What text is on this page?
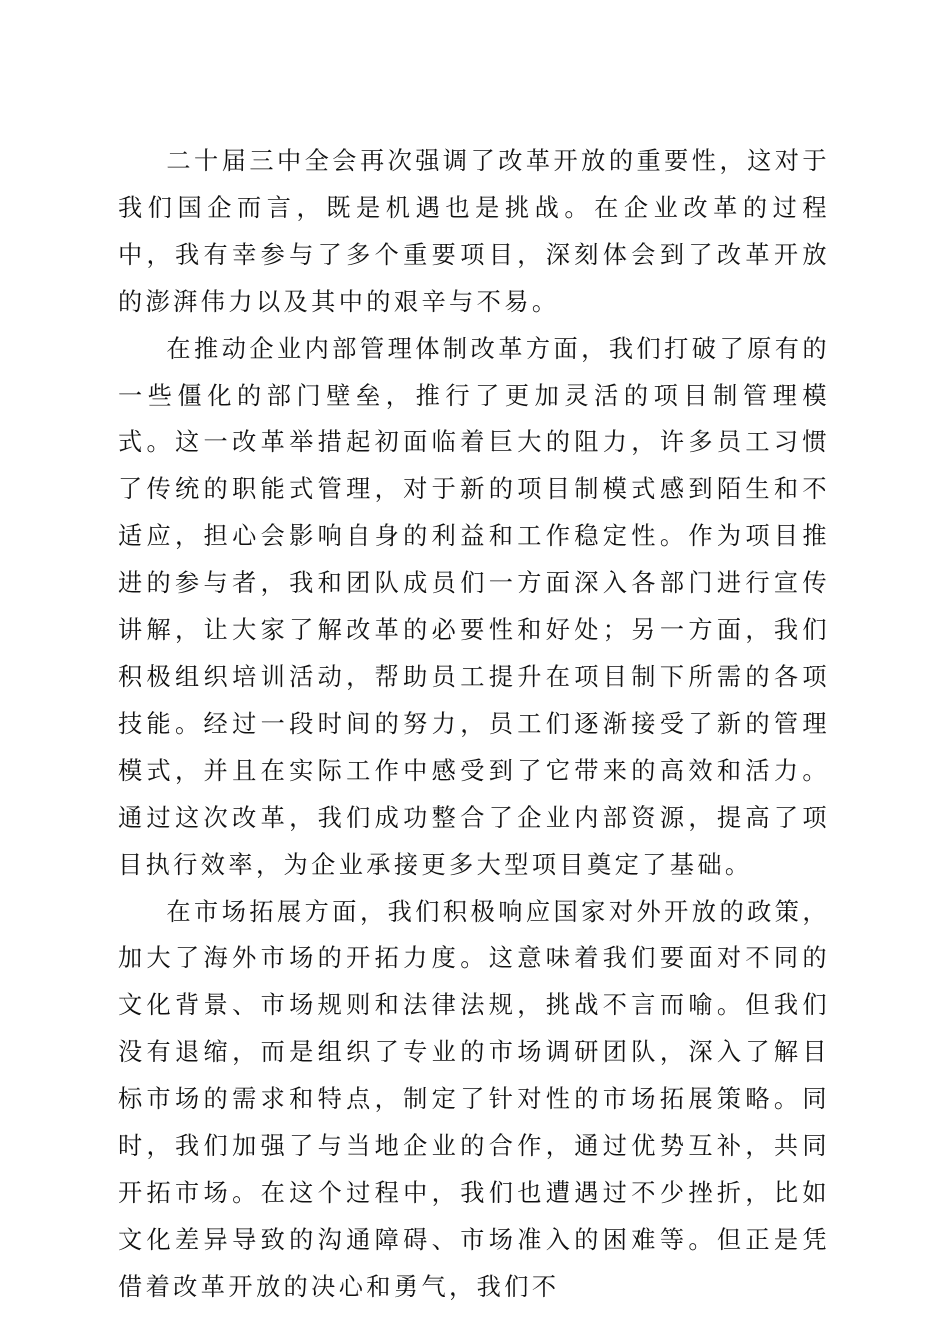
二十届三中全会再次强调了改革开放的重要性，这对于我们国企而言，既是机遇也是挑战。在企业改革的过程中，我有幸参与了多个重要项目，深刻体会到了改革开放的澎湃伟力以及其中的艰辛与不易。

在推动企业内部管理体制改革方面，我们打破了原有的一些僵化的部门壁垒，推行了更加灵活的项目制管理模式。这一改革举措起初面临着巨大的阻力，许多员工习惯了传统的职能式管理，对于新的项目制模式感到陌生和不适应，担心会影响自身的利益和工作稳定性。作为项目推进的参与者，我和团队成员们一方面深入各部门进行宣传讲解，让大家了解改革的必要性和好处；另一方面，我们积极组织培训活动，帮助员工提升在项目制下所需的各项技能。经过一段时间的努力，员工们逐渐接受了新的管理模式，并且在实际工作中感受到了它带来的高效和活力。通过这次改革，我们成功整合了企业内部资源，提高了项目执行效率，为企业承接更多大型项目奠定了基础。

在市场拓展方面，我们积极响应国家对外开放的政策，加大了海外市场的开拓力度。这意味着我们要面对不同的文化背景、市场规则和法律法规，挑战不言而喻。但我们没有退缩，而是组织了专业的市场调研团队，深入了解目标市场的需求和特点，制定了针对性的市场拓展策略。同时，我们加强了与当地企业的合作，通过优势互补，共同开拓市场。在这个过程中，我们也遭遇过不少挫折，比如文化差异导致的沟通障碍、市场准入的困难等。但正是凭借着改革开放的决心和勇气，我们不
